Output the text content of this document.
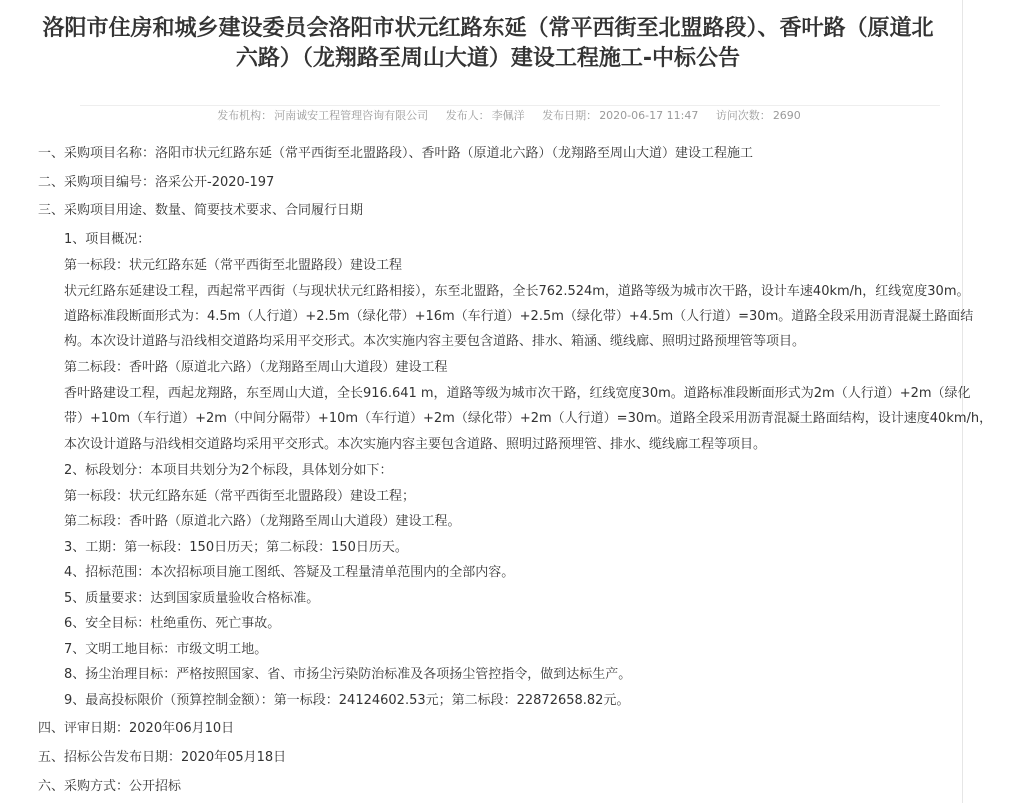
洛阳市住房和城乡建设委员会洛阳市状元红路东延（常平西街至北盟路段）、香叶路（原道北
六路）（龙翔路至周山大道）建设工程施工-中标公告
发布机构： 河南诚安工程管理咨询有限公司 发布人： 李佩洋 发布日期： 2020-06-17 11:47 访问次数： 2690
一、采购项目名称：洛阳市状元红路东延（常平西街至北盟路段）、香叶路（原道北六路）（龙翔路至周山大道）建设工程施工
二、采购项目编号：洛采公开-2020-197
三、采购项目用途、数量、简要技术要求、合同履行日期
1、项目概况：
第一标段：状元红路东延（常平西街至北盟路段）建设工程
状元红路东延建设工程，西起常平西街（与现状状元红路相接），东至北盟路，全长762.524m，道路等级为城市次干路，设计车速40km/h，红线宽度30m。
道路标准段断面形式为：4.5m（人行道）+2.5m（绿化带）+16m（车行道）+2.5m（绿化带）+4.5m（人行道）=30m。道路全段采用沥青混凝土路面结
构。本次设计道路与沿线相交道路均采用平交形式。本次实施内容主要包含道路、排水、箱涵、缆线廊、照明过路预埋管等项目。
第二标段：香叶路（原道北六路）（龙翔路至周山大道段）建设工程
香叶路建设工程，西起龙翔路，东至周山大道，全长916.641 m，道路等级为城市次干路，红线宽度30m。道路标准段断面形式为2m（人行道）+2m（绿化
带）+10m（车行道）+2m（中间分隔带）+10m（车行道）+2m（绿化带）+2m（人行道）=30m。道路全段采用沥青混凝土路面结构，设计速度40km/h，
本次设计道路与沿线相交道路均采用平交形式。本次实施内容主要包含道路、照明过路预埋管、排水、缆线廊工程等项目。
2、标段划分：本项目共划分为2个标段，具体划分如下：
第一标段：状元红路东延（常平西街至北盟路段）建设工程；
第二标段：香叶路（原道北六路）（龙翔路至周山大道段）建设工程。
3、工期：第一标段：150日历天；第二标段：150日历天。
4、招标范围：本次招标项目施工图纸、答疑及工程量清单范围内的全部内容。
5、质量要求：达到国家质量验收合格标准。
6、安全目标：杜绝重伤、死亡事故。
7、文明工地目标：市级文明工地。
8、扬尘治理目标：严格按照国家、省、市扬尘污染防治标准及各项扬尘管控指令，做到达标生产。
9、最高投标限价（预算控制金额）：第一标段：24124602.53元；第二标段：22872658.82元。
四、评审日期：2020年06月10日
五、招标公告发布日期：2020年05月18日
六、采购方式：公开招标
